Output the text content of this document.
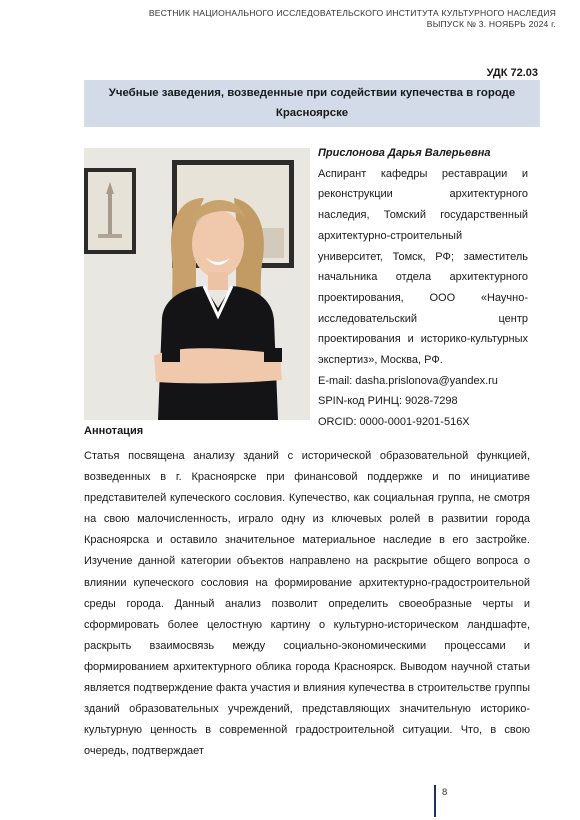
ВЕСТНИК НАЦИОНАЛЬНОГО ИССЛЕДОВАТЕЛЬСКОГО ИНСТИТУТА КУЛЬТУРНОГО НАСЛЕДИЯ
ВЫПУСК № 3. НОЯБРЬ 2024 г.
УДК 72.03
Учебные заведения, возведенные при содействии купечества в городе Красноярске
Прислонова Дарья Валерьевна
Аспирант кафедры реставрации и реконструкции архитектурного наследия, Томский государственный архитектурно-строительный университет, Томск, РФ; заместитель начальника отдела архитектурного проектирования, ООО «Научно-исследовательский центр проектирования и историко-культурных экспертиз», Москва, РФ.
E-mail: dasha.prislonova@yandex.ru
SPIN-код РИНЦ: 9028-7298
ORCID: 0000-0001-9201-516X
Аннотация
Статья посвящена анализу зданий с исторической образовательной функцией, возведенных в г. Красноярске при финансовой поддержке и по инициативе представителей купеческого сословия. Купечество, как социальная группа, не смотря на свою малочисленность, играло одну из ключевых ролей в развитии города Красноярска и оставило значительное материальное наследие в его застройке. Изучение данной категории объектов направлено на раскрытие общего вопроса о влиянии купеческого сословия на формирование архитектурно-градостроительной среды города. Данный анализ позволит определить своеобразные черты и сформировать более целостную картину о культурно-историческом ландшафте, раскрыть взаимосвязь между социально-экономическими процессами и формированием архитектурного облика города Красноярск. Выводом научной статьи является подтверждение факта участия и влияния купечества в строительстве группы зданий образовательных учреждений, представляющих значительную историко-культурную ценность в современной градостроительной ситуации. Что, в свою очередь, подтверждает
8
